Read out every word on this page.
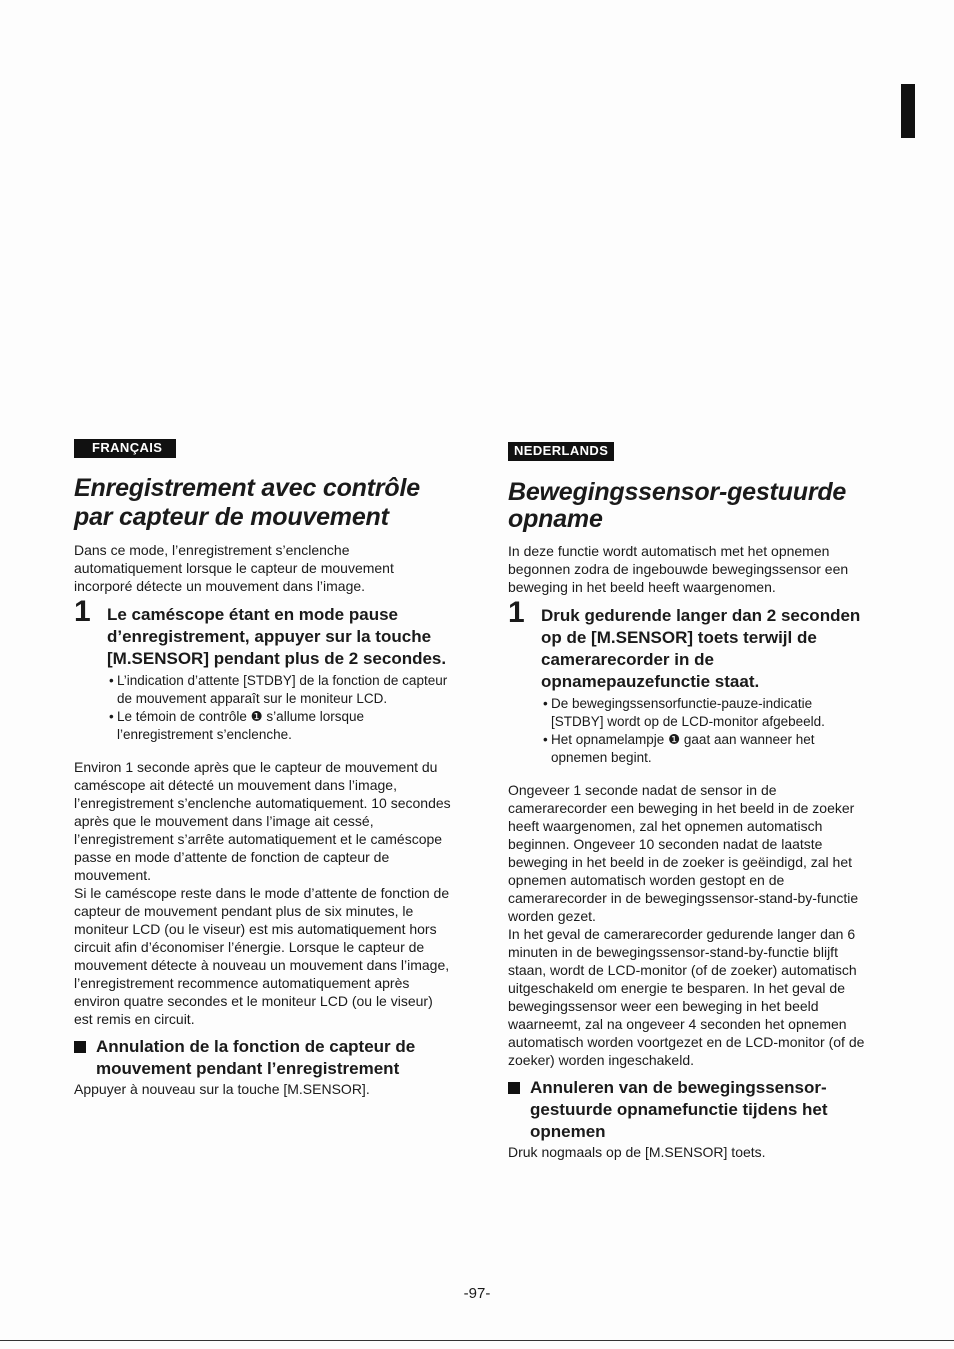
FRANÇAIS
Enregistrement avec contrôle par capteur de mouvement
Dans ce mode, l’enregistrement s’enclenche automatiquement lorsque le capteur de mouvement incorporé détecte un mouvement dans l’image.
1 Le caméscope étant en mode pause d’enregistrement, appuyer sur la touche [M.SENSOR] pendant plus de 2 secondes.
• L’indication d’attente [STDBY] de la fonction de capteur de mouvement apparaît sur le moniteur LCD.
• Le témoin de contrôle ❶ s’allume lorsque l’enregistrement s’enclenche.
Environ 1 seconde après que le capteur de mouvement du caméscope ait détecté un mouvement dans l’image, l’enregistrement s’enclenche automatiquement. 10 secondes après que le mouvement dans l’image ait cessé, l’enregistrement s’arrête automatiquement et le caméscope passe en mode d’attente de fonction de capteur de mouvement.
Si le caméscope reste dans le mode d’attente de fonction de capteur de mouvement pendant plus de six minutes, le moniteur LCD (ou le viseur) est mis automatiquement hors circuit afin d’économiser l’énergie. Lorsque le capteur de mouvement détecte à nouveau un mouvement dans l’image, l’enregistrement recommence automatiquement après environ quatre secondes et le moniteur LCD (ou le viseur) est remis en circuit.
Annulation de la fonction de capteur de mouvement pendant l’enregistrement
Appuyer à nouveau sur la touche [M.SENSOR].
NEDERLANDS
Bewegingssensor-gestuurde opname
In deze functie wordt automatisch met het opnemen begonnen zodra de ingebouwde bewegingssensor een beweging in het beeld heeft waargenomen.
1 Druk gedurende langer dan 2 seconden op de [M.SENSOR] toets terwijl de camerarecorder in de opnamepauzefunctie staat.
• De bewegingssensorfunctie-pauze-indicatie [STDBY] wordt op de LCD-monitor afgebeeld.
• Het opnamelampje ❶ gaat aan wanneer het opnemen begint.
Ongeveer 1 seconde nadat de sensor in de camerarecorder een beweging in het beeld in de zoeker heeft waargenomen, zal het opnemen automatisch beginnen. Ongeveer 10 seconden nadat de laatste beweging in het beeld in de zoeker is geëindigd, zal het opnemen automatisch worden gestopt en de camerarecorder in de bewegingssensor-stand-by-functie worden gezet.
In het geval de camerarecorder gedurende langer dan 6 minuten in de bewegingssensor-stand-by-functie blijft staan, wordt de LCD-monitor (of de zoeker) automatisch uitgeschakeld om energie te besparen. In het geval de bewegingssensor weer een beweging in het beeld waarneemt, zal na ongeveer 4 seconden het opnemen automatisch worden voortgezet en de LCD-monitor (of de zoeker) worden ingeschakeld.
Annuleren van de bewegingssensor-gestuurde opnamefunctie tijdens het opnemen
Druk nogmaals op de [M.SENSOR] toets.
-97-
